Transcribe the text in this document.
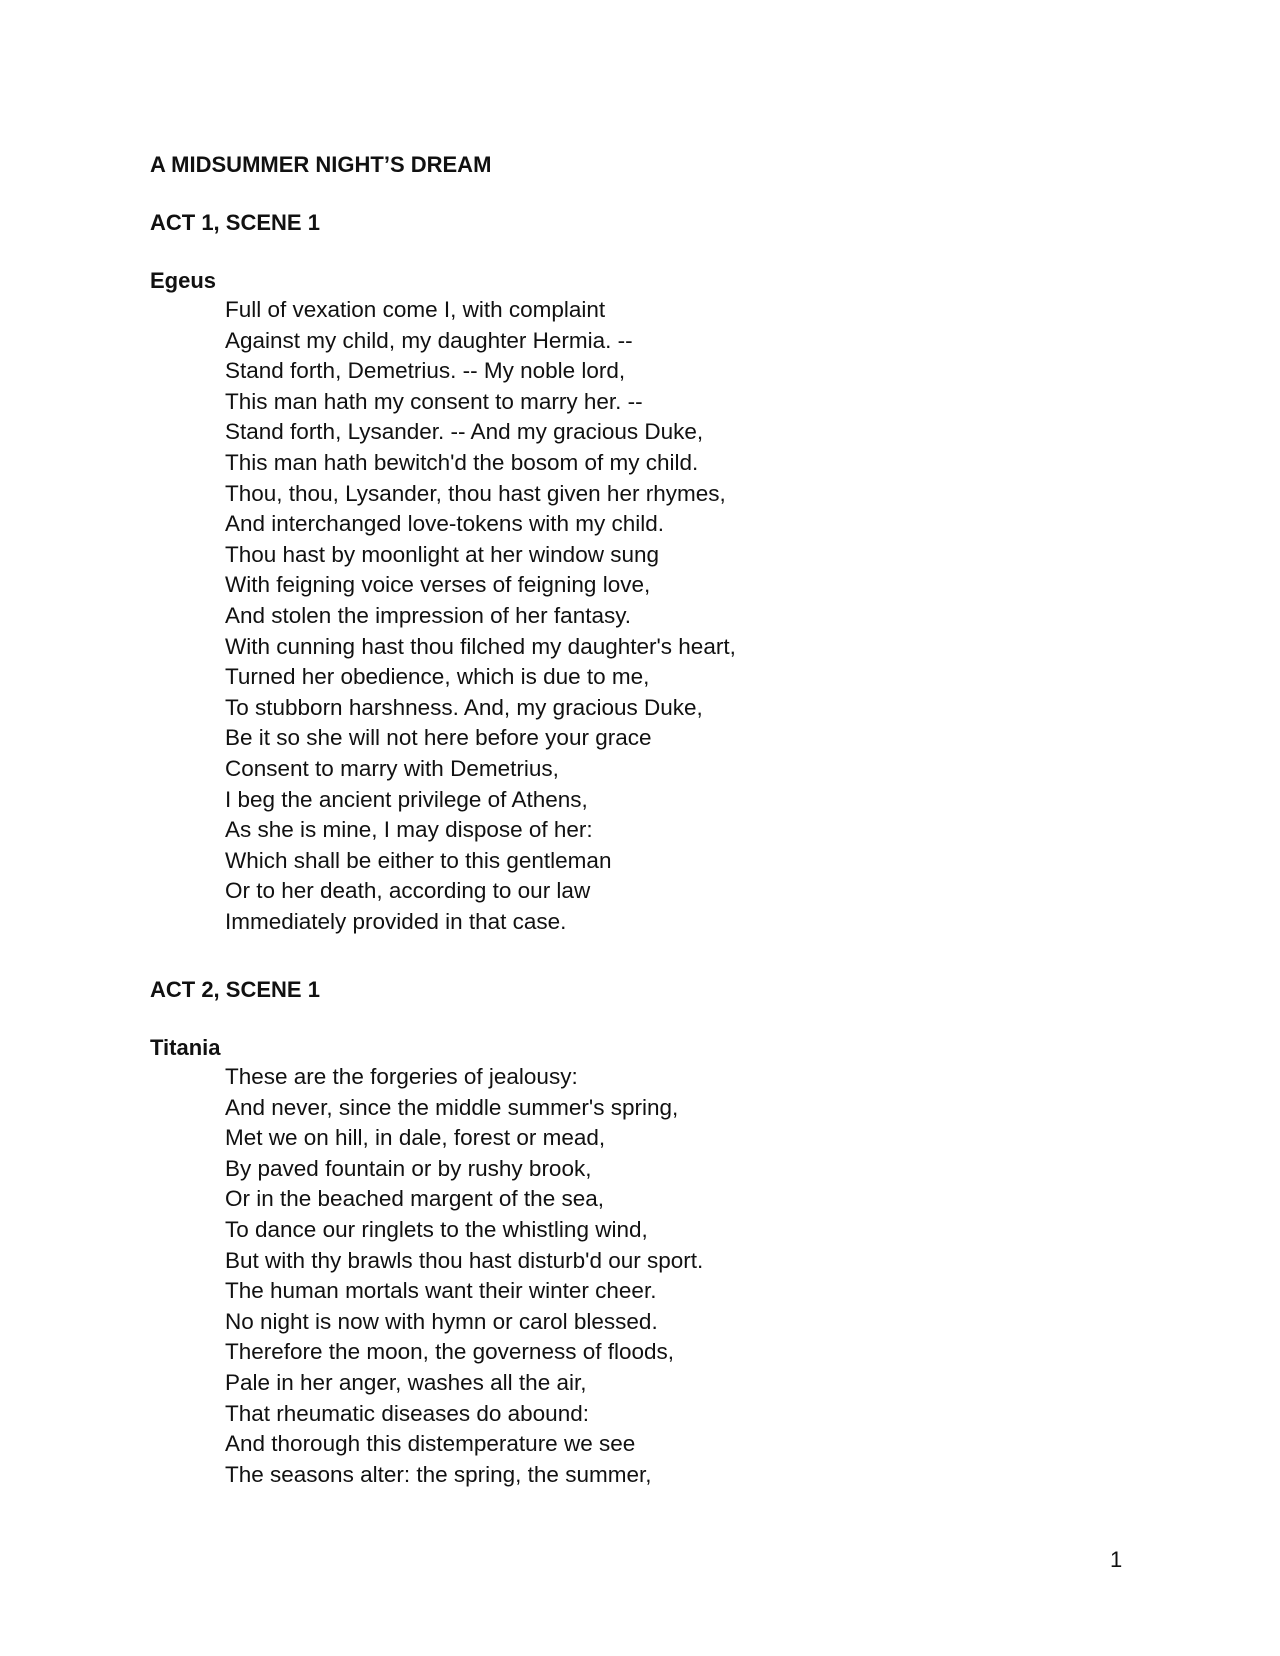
A MIDSUMMER NIGHT’S DREAM
ACT 1, SCENE 1
Egeus
Full of vexation come I, with complaint
Against my child, my daughter Hermia. --
Stand forth, Demetrius. -- My noble lord,
This man hath my consent to marry her. --
Stand forth, Lysander. -- And my gracious Duke,
This man hath bewitch'd the bosom of my child.
Thou, thou, Lysander, thou hast given her rhymes,
And interchanged love-tokens with my child.
Thou hast by moonlight at her window sung
With feigning voice verses of feigning love,
And stolen the impression of her fantasy.
With cunning hast thou filched my daughter's heart,
Turned her obedience, which is due to me,
To stubborn harshness. And, my gracious Duke,
Be it so she will not here before your grace
Consent to marry with Demetrius,
I beg the ancient privilege of Athens,
As she is mine, I may dispose of her:
Which shall be either to this gentleman
Or to her death, according to our law
Immediately provided in that case.
ACT 2, SCENE 1
Titania
These are the forgeries of jealousy:
And never, since the middle summer's spring,
Met we on hill, in dale, forest or mead,
By paved fountain or by rushy brook,
Or in the beached margent of the sea,
To dance our ringlets to the whistling wind,
But with thy brawls thou hast disturb'd our sport.
The human mortals want their winter cheer.
No night is now with hymn or carol blessed.
Therefore the moon, the governess of floods,
Pale in her anger, washes all the air,
That rheumatic diseases do abound:
And thorough this distemperature we see
The seasons alter: the spring, the summer,
1
